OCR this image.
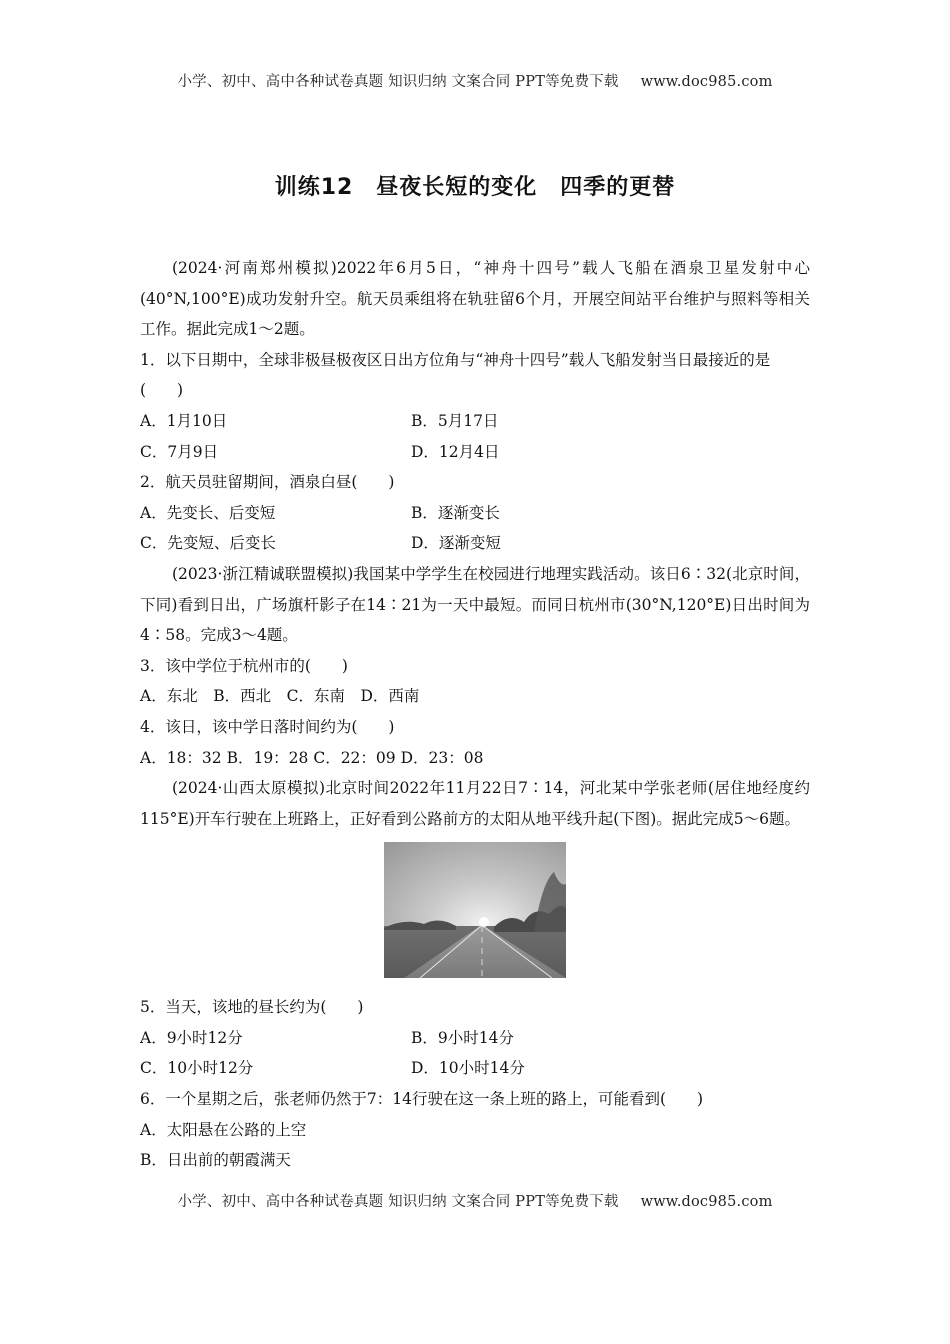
小学、初中、高中各种试卷真题 知识归纳 文案合同 PPT等免费下载 www.doc985.com
训练12　昼夜长短的变化　四季的更替

(2024·河南郑州模拟)2022年6月5日，“神舟十四号”载人飞船在酒泉卫星发射中心(40°N,100°E)成功发射升空。航天员乘组将在轨驻留6个月，开展空间站平台维护与照料等相关工作。据此完成1～2题。

1．以下日期中，全球非极昼极夜区日出方位角与“神舟十四号”载人飞船发射当日最接近的是(　　)

A．1月10日	B．5月17日
C．7月9日	D．12月4日

2．航天员驻留期间，酒泉白昼(　　)

A．先变长、后变短	B．逐渐变长
C．先变短、后变长	D．逐渐变短

(2023·浙江精诚联盟模拟)我国某中学学生在校园进行地理实践活动。该日6∶32(北京时间，下同)看到日出，广场旗杆影子在14∶21为一天中最短。而同日杭州市(30°N,120°E)日出时间为4∶58。完成3～4题。

3．该中学位于杭州市的(　　)

A．东北　B．西北　C．东南　D．西南

4．该日，该中学日落时间约为(　　)

A．18：32 B．19：28 C．22：09 D．23：08

(2024·山西太原模拟)北京时间2022年11月22日7∶14，河北某中学张老师(居住地经度约115°E)开车行驶在上班路上，正好看到公路前方的太阳从地平线升起(下图)。据此完成5～6题。

5．当天，该地的昼长约为(　　)

A．9小时12分	B．9小时14分
C．10小时12分	D．10小时14分

6．一个星期之后，张老师仍然于7：14行驶在这一条上班的路上，可能看到(　　)

A．太阳悬在公路的上空

B．日出前的朝霞满天

小学、初中、高中各种试卷真题 知识归纳 文案合同 PPT等免费下载 www.doc985.com
